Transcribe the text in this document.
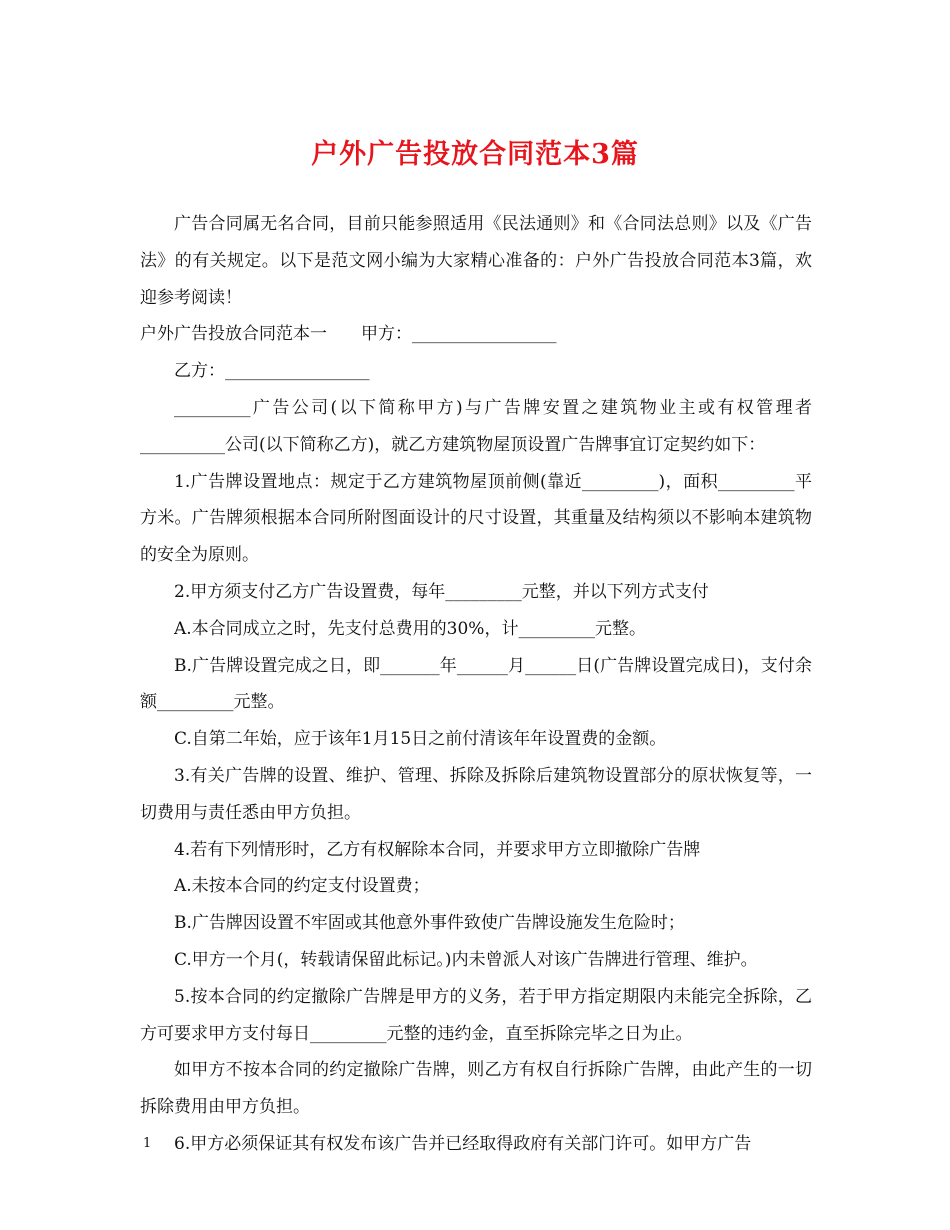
户外广告投放合同范本3篇

广告合同属无名合同，目前只能参照适用《民法通则》和《合同法总则》以及《广告法》的有关规定。以下是范文网小编为大家精心准备的：户外广告投放合同范本3篇，欢迎参考阅读！

户外广告投放合同范本一　　甲方：_________________

乙方：_________________

_________广告公司(以下简称甲方)与广告牌安置之建筑物业主或有权管理者__________公司(以下简称乙方)，就乙方建筑物屋顶设置广告牌事宜订定契约如下：

1.广告牌设置地点：规定于乙方建筑物屋顶前侧(靠近_________)，面积_________平方米。广告牌须根据本合同所附图面设计的尺寸设置，其重量及结构须以不影响本建筑物的安全为原则。

2.甲方须支付乙方广告设置费，每年_________元整，并以下列方式支付

A.本合同成立之时，先支付总费用的30%，计_________元整。

B.广告牌设置完成之日，即_______年______月______日(广告牌设置完成日)，支付余额_________元整。

C.自第二年始，应于该年1月15日之前付清该年年设置费的金额。

3.有关广告牌的设置、维护、管理、拆除及拆除后建筑物设置部分的原状恢复等，一切费用与责任悉由甲方负担。

4.若有下列情形时，乙方有权解除本合同，并要求甲方立即撤除广告牌

A.未按本合同的约定支付设置费；

B.广告牌因设置不牢固或其他意外事件致使广告牌设施发生危险时；

C.甲方一个月(，转载请保留此标记。)内未曾派人对该广告牌进行管理、维护。

5.按本合同的约定撤除广告牌是甲方的义务，若于甲方指定期限内未能完全拆除，乙方可要求甲方支付每日_________元整的违约金，直至拆除完毕之日为止。

如甲方不按本合同的约定撤除广告牌，则乙方有权自行拆除广告牌，由此产生的一切拆除费用由甲方负担。

6.甲方必须保证其有权发布该广告并已经取得政府有关部门许可。如甲方广告

1
